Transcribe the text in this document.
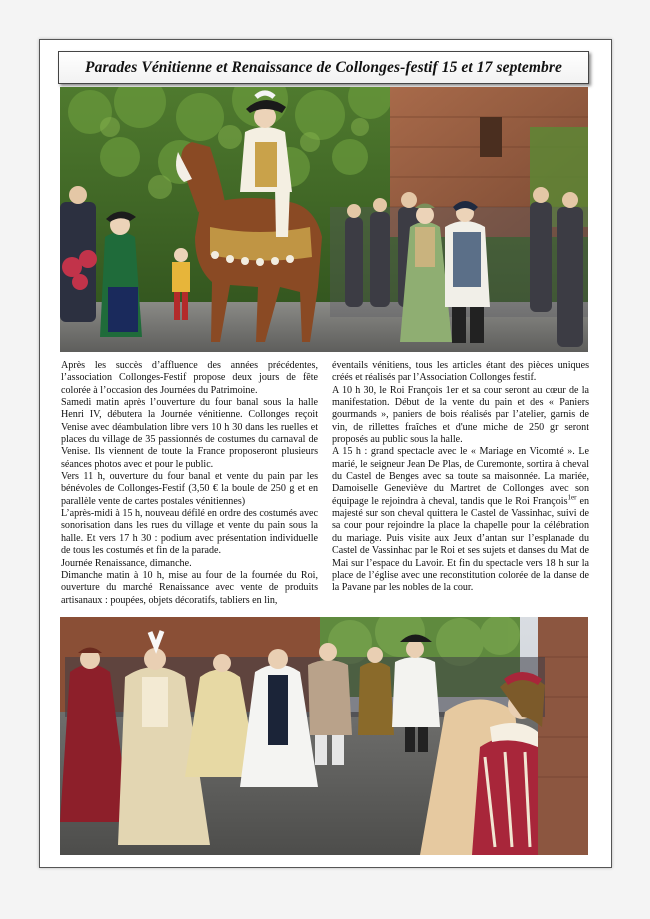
Parades Vénitienne et Renaissance de Collonges-festif 15 et 17 septembre

Après les succès d’affluence des années précédentes, l’association Collonges-Festif propose deux jours de fête colorée à l’occasion des Journées du Patrimoine.

Samedi matin après l’ouverture du four banal sous la halle Henri IV, débutera la Journée vénitienne. Collonges reçoit Venise avec déambulation libre vers 10 h 30 dans les ruelles et places du village de 35 passionnés de costumes du carnaval de Venise. Ils viennent de toute la France proposeront plusieurs séances photos avec et pour le public.

Vers 11 h, ouverture du four banal et vente du pain par les bénévoles de Collonges-Festif (3,50 € la boule de 250 g et en parallèle vente de cartes postales vénitiennes)

L’après-midi à 15 h, nouveau défilé en ordre des costumés avec sonorisation dans les rues du village et vente du pain sous la halle. Et vers 17 h 30 : podium avec présentation individuelle de tous les costumés et fin de la parade.

Journée Renaissance, dimanche.

Dimanche matin à 10 h, mise au four de la fournée du Roi, ouverture du marché Renaissance avec vente de produits artisanaux : poupées, objets décoratifs, tabliers en lin,

éventails vénitiens, tous les articles étant des pièces uniques créés et réalisés par l’Association Collonges festif.

A 10 h 30, le Roi François 1er et sa cour seront au cœur de la manifestation. Début de la vente du pain et des « Paniers gourmands », paniers de bois réalisés par l’atelier, garnis de vin, de rillettes fraîches et d'une miche de 250 gr seront proposés au public sous la halle.

A 15 h : grand spectacle avec le « Mariage en Vicomté ». Le marié, le seigneur Jean De Plas, de Curemonte, sortira à cheval du Castel de Benges avec sa toute sa maisonnée. La mariée, Damoiselle Geneviève du Martret de Collonges avec son équipage le rejoindra à cheval, tandis que le Roi François$^{1er}$ en majesté sur son cheval quittera le Castel de Vassinhac, suivi de sa cour pour rejoindre la place la chapelle pour la célébration du mariage. Puis visite aux Jeux d’antan sur l’esplanade du Castel de Vassinhac par le Roi et ses sujets et danses du Mat de Mai sur l’espace du Lavoir. Et fin du spectacle vers 18 h sur la place de l’église avec une reconstitution colorée de la danse de la Pavane par les nobles de la cour.
